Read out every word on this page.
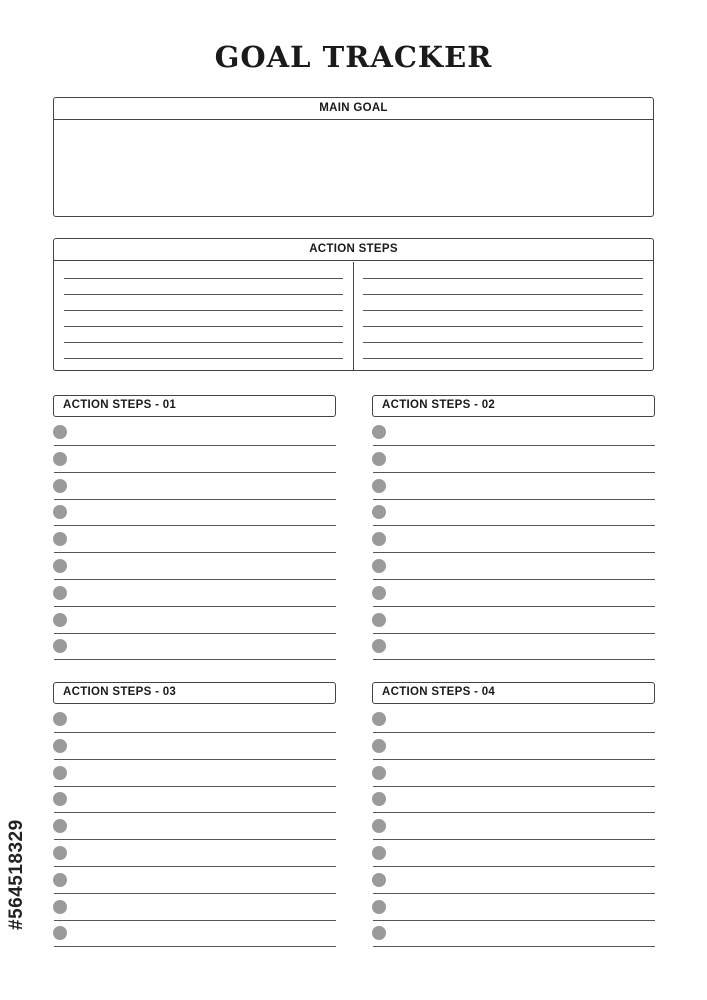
GOAL TRACKER
MAIN GOAL
ACTION STEPS
ACTION STEPS - 01	ACTION STEPS - 02
ACTION STEPS - 03	ACTION STEPS - 04
#564518329
